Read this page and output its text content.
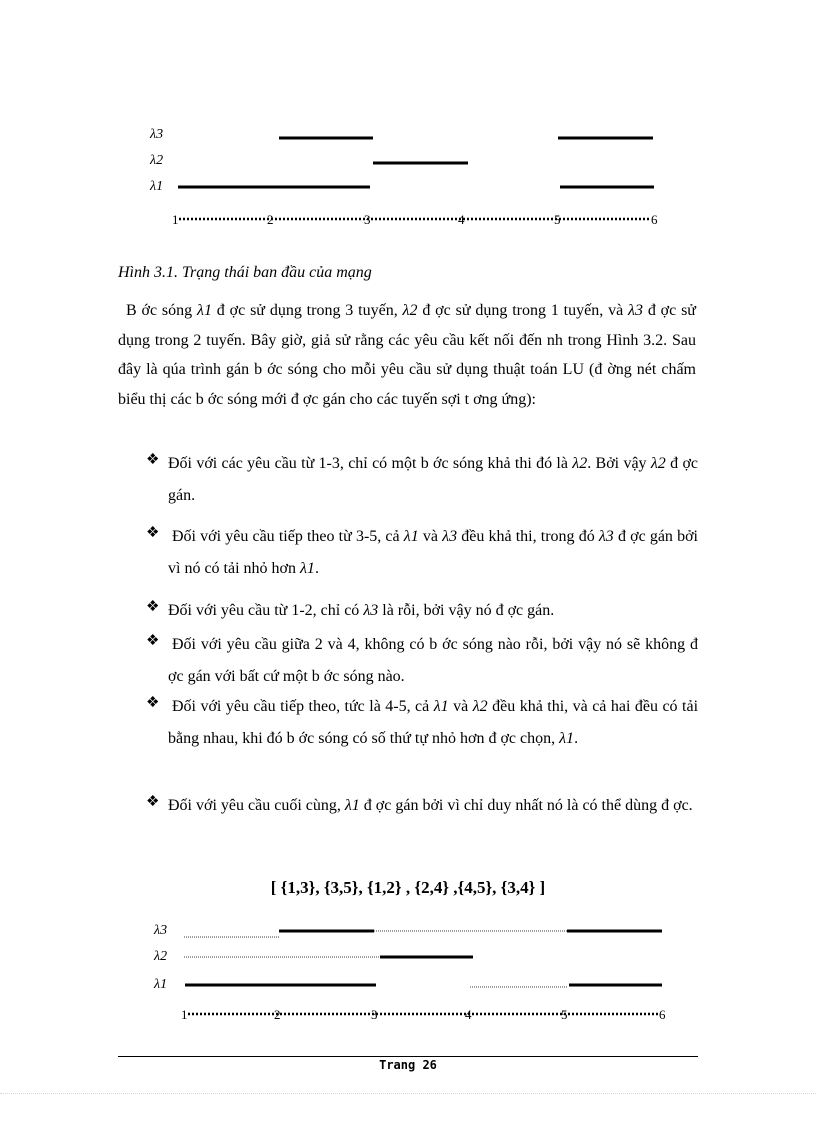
λ3
λ2
λ1
1	2	3	4	5	6
Hình 3.1. Trạng thái ban đầu của mạng
B ớc sóng λ1 đ ợc sử dụng trong 3 tuyến, λ2 đ ợc sử dụng trong 1 tuyến, và λ3 đ ợc sử dụng trong 2 tuyến. Bây giờ, giả sử rằng các yêu cầu kết nối đến nh trong Hình 3.2. Sau đây là qúa trình gán b ớc sóng cho mỗi yêu cầu sử dụng thuật toán LU (đ ờng nét chấm biểu thị các b ớc sóng mới đ ợc gán cho các tuyến sợi t ơng ứng):
❖ Đối với các yêu cầu từ 1-3, chỉ có một b ớc sóng khả thi đó là λ2. Bởi vậy λ2 đ ợc gán.
❖ Đối với yêu cầu tiếp theo từ 3-5, cả λ1 và λ3 đều khả thi, trong đó λ3 đ ợc gán bởi vì nó có tải nhỏ hơn λ1.
❖ Đối với yêu cầu từ 1-2, chỉ có λ3 là rỗi, bởi vậy nó đ ợc gán.
❖ Đối với yêu cầu giữa 2 và 4, không có b ớc sóng nào rỗi, bởi vậy nó sẽ không đ ợc gán với bất cứ một b ớc sóng nào.
❖ Đối với yêu cầu tiếp theo, tức là 4-5, cả λ1 và λ2 đều khả thi, và cả hai đều có tải bằng nhau, khi đó b ớc sóng có số thứ tự nhỏ hơn đ ợc chọn, λ1.
❖ Đối với yêu cầu cuối cùng, λ1 đ ợc gán bởi vì chỉ duy nhất nó là có thể dùng đ ợc.
[ {1,3}, {3,5}, {1,2} , {2,4} ,{4,5}, {3,4} ]
λ3
λ2
λ1
1	2	3	4	5	6
Trang 26
